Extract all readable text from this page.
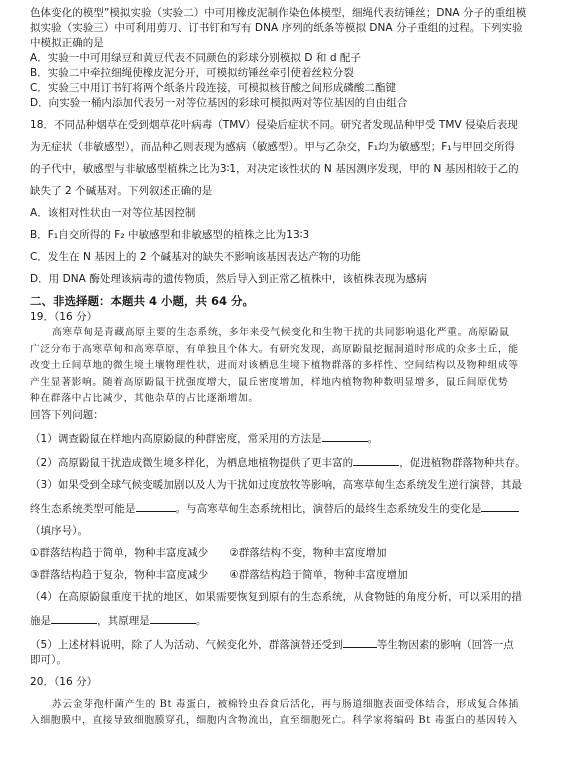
色体变化的模型”模拟实验（实验二）中可用橡皮泥制作染色体模型，细绳代表纺锤丝；DNA 分子的重组模
拟实验（实验三）中可利用剪刀、订书钉和写有 DNA 序列的纸条等模拟 DNA 分子重组的过程。下列实验
中模拟正确的是
A．实验一中可用绿豆和黄豆代表不同颜色的彩球分别模拟 D 和 d 配子
B．实验二中牵拉细绳使橡皮泥分开，可模拟纺锤丝牵引使着丝粒分裂
C．实验三中用订书钉将两个纸条片段连接，可模拟核苷酸之间形成磷酸二酯键
D．向实验一桶内添加代表另一对等位基因的彩球可模拟两对等位基因的自由组合
18．不同品种烟草在受到烟草花叶病毒（TMV）侵染后症状不同。研究者发现品种甲受 TMV 侵染后表现
为无症状（非敏感型），而品种乙则表现为感病（敏感型）。甲与乙杂交，F₁均为敏感型；F₁与甲回交所得
的子代中，敏感型与非敏感型植株之比为3∶1，对决定该性状的 N 基因测序发现，甲的 N 基因相较于乙的
缺失了 2 个碱基对。下列叙述正确的是
A．该相对性状由一对等位基因控制
B．F₁自交所得的 F₂ 中敏感型和非敏感型的植株之比为13∶3
C．发生在 N 基因上的 2 个碱基对的缺失不影响该基因表达产物的功能
D．用 DNA 酶处理该病毒的遗传物质，然后导入到正常乙植株中，该植株表现为感病
二、非选择题：本题共 4 小题，共 64 分。
19．（16 分）
高寒草甸是青藏高原主要的生态系统，多年来受气候变化和生物干扰的共同影响退化严重。高原鼢鼠
广泛分布于高寒草甸和高寒草原，有单独且个体大。有研究发现，高原鼢鼠挖掘洞道时形成的众多土丘，能
改变土丘间草地的微生境土壤物理性状，进而对该栖息生境下植物群落的多样性、空间结构以及物种组成等
产生显著影响。随着高原鼢鼠干扰强度增大，鼠丘密度增加，样地内植物物种数明显增多，鼠丘间原优势
种在群落中占比减少，其他杂草的占比逐渐增加。
回答下列问题：
（1）调查鼢鼠在样地内高原鼢鼠的种群密度，常采用的方法是	。
（2）高原鼢鼠干扰造成微生境多样化，为栖息地植物提供了更丰富的	，促进植物群落物种共存。
（3）如果受到全球气候变暖加剧以及人为干扰如过度放牧等影响，高寒草甸生态系统发生逆行演替，其最
终生态系统类型可能是	。与高寒草甸生态系统相比，演替后的最终生态系统发生的变化是
（填序号）。
①群落结构趋于简单，物种丰富度减少　　②群落结构不变，物种丰富度增加
③群落结构趋于复杂，物种丰富度减少　　④群落结构趋于简单，物种丰富度增加
（4）在高原鼢鼠重度干扰的地区，如果需要恢复到原有的生态系统，从食物链的角度分析，可以采用的措
施是	，其原理是	。
（5）上述材料说明，除了人为活动、气候变化外，群落演替还受到	等生物因素的影响（回答一点
即可）。
20．（16 分）
苏云金芽孢杆菌产生的 Bt 毒蛋白，被棉铃虫吞食后活化，再与肠道细胞表面受体结合，形成复合体插
入细胞膜中，直接导致细胞膜穿孔，细胞内含物流出，直至细胞死亡。科学家将编码 Bt 毒蛋白的基因转入
